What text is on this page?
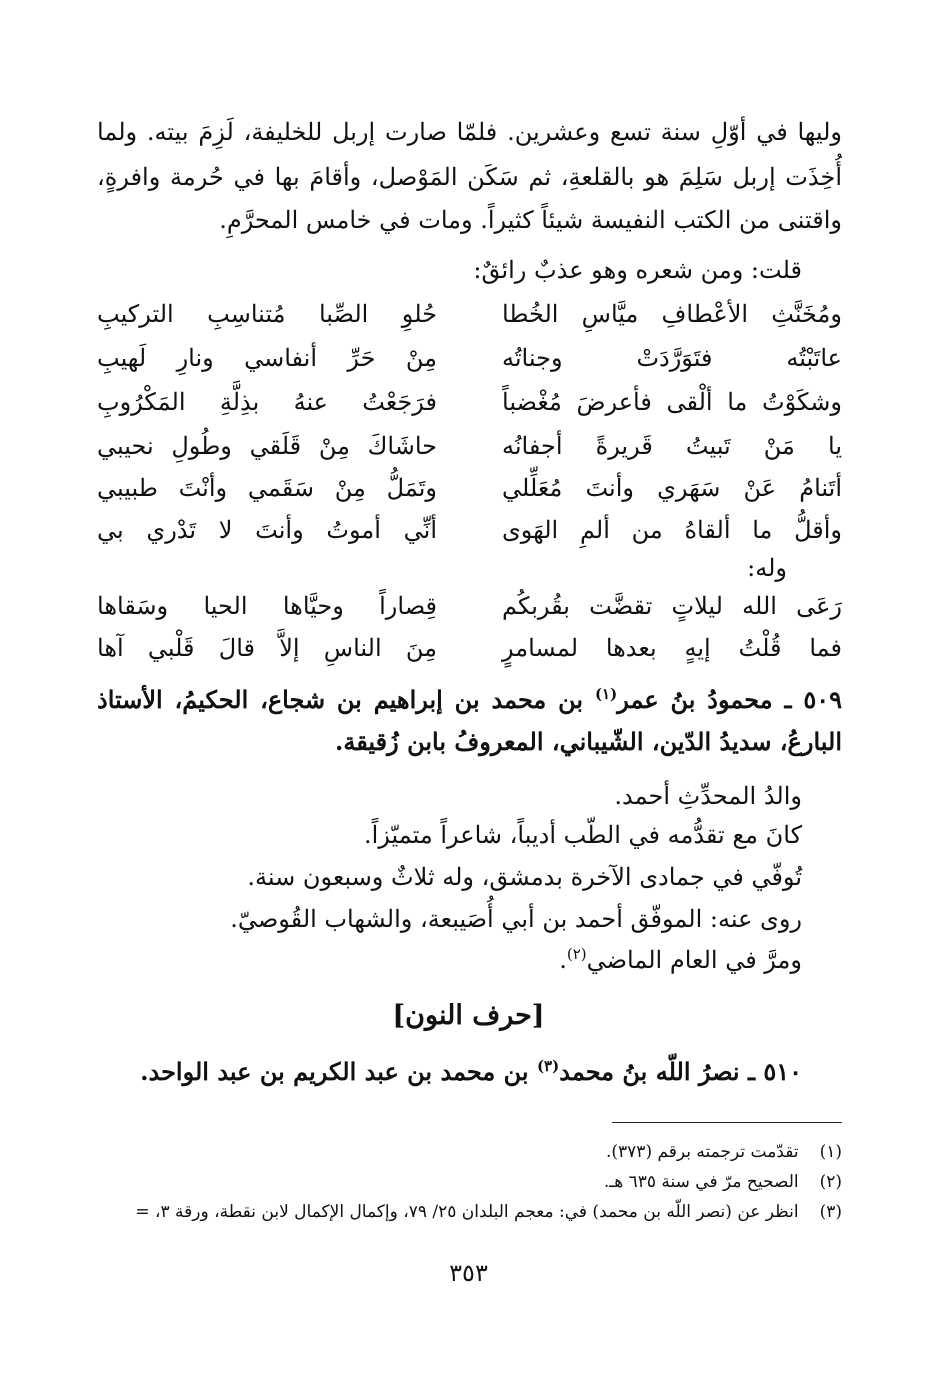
وليها في أوّلِ سنة تسع وعشرين. فلمّا صارت إربل للخليفة، لَزِمَ بيته. ولما
أُخِذَت إربل سَلِمَ هو بالقلعةِ، ثم سَكَن المَوْصل، وأقامَ بها في حُرمة وافرةٍ،
واقتنى من الكتب النفيسة شيئاً كثيراً. ومات في خامس المحرَّمِ.
قلت: ومن شعره وهو عذبٌ رائقٌ:
ومُخَنَّثِ الأعْطافِ ميَّاسِ الخُطا
حُلوِ الصِّبا مُتناسِبِ التركيبِ
عاتَبْتُه فتَوَرَّدَتْ وجناتُه
مِنْ حَرِّ أنفاسي ونارِ لَهيبِ
وشكَوْتُ ما ألْقى فأعرضَ مُغْضباً
فرَجَعْتُ عنهُ بذِلَّةِ المَكْرُوبِ
يا مَنْ تَبيتُ قَريرةً أجفانُه
حاشَاكَ مِنْ قَلَقي وطُولِ نحيبي
أتَنامُ عَنْ سَهَري وأنتَ مُعَلِّلي
وتَمَلُّ مِنْ سَقَمي وأنْتَ طبيبي
وأقلُّ ما ألقاهُ من ألمِ الهَوى
أنِّي أموتُ وأنتَ لا تَدْري بي
وله:
رَعَى الله ليلاتٍ تقضَّت بقُربكُم
قِصاراً وحيَّاها الحيا وسَقاها
فما قُلْتُ إيهٍ بعدها لمسامرٍ
مِنَ الناسِ إلاَّ قالَ قَلْبي آها
٥٠٩ ـ محمودُ بنُ عمر$^{(١)}$ بن محمد بن إبراهيم بن شجاع، الحكيمُ، الأستاذ
البارعُ، سديدُ الدّين، الشّيباني، المعروفُ بابن زُقيقة.
والدُ المحدِّثِ أحمد.
كانَ مع تقدُّمه في الطّب أديباً، شاعراً متميّزاً.
تُوفّي في جمادى الآخرة بدمشق، وله ثلاثٌ وسبعون سنة.
روى عنه: الموفّق أحمد بن أبي أُصَيبعة، والشهاب القُوصيّ.
ومرَّ في العام الماضي$^{(٢)}$.
[حرف النون]
٥١٠ ـ نصرُ اللّه بنُ محمد$^{(٣)}$ بن محمد بن عبد الكريم بن عبد الواحد.
(١) تقدّمت ترجمته برقم (٣٧٣).
(٢) الصحيح مرّ في سنة ٦٣٥ هـ.
(٣) انظر عن (نصر اللّه بن محمد) في: معجم البلدان ٢٥/ ٧٩، وإكمال الإكمال لابن نقطة، ورقة ٣، =
٣٥٣
